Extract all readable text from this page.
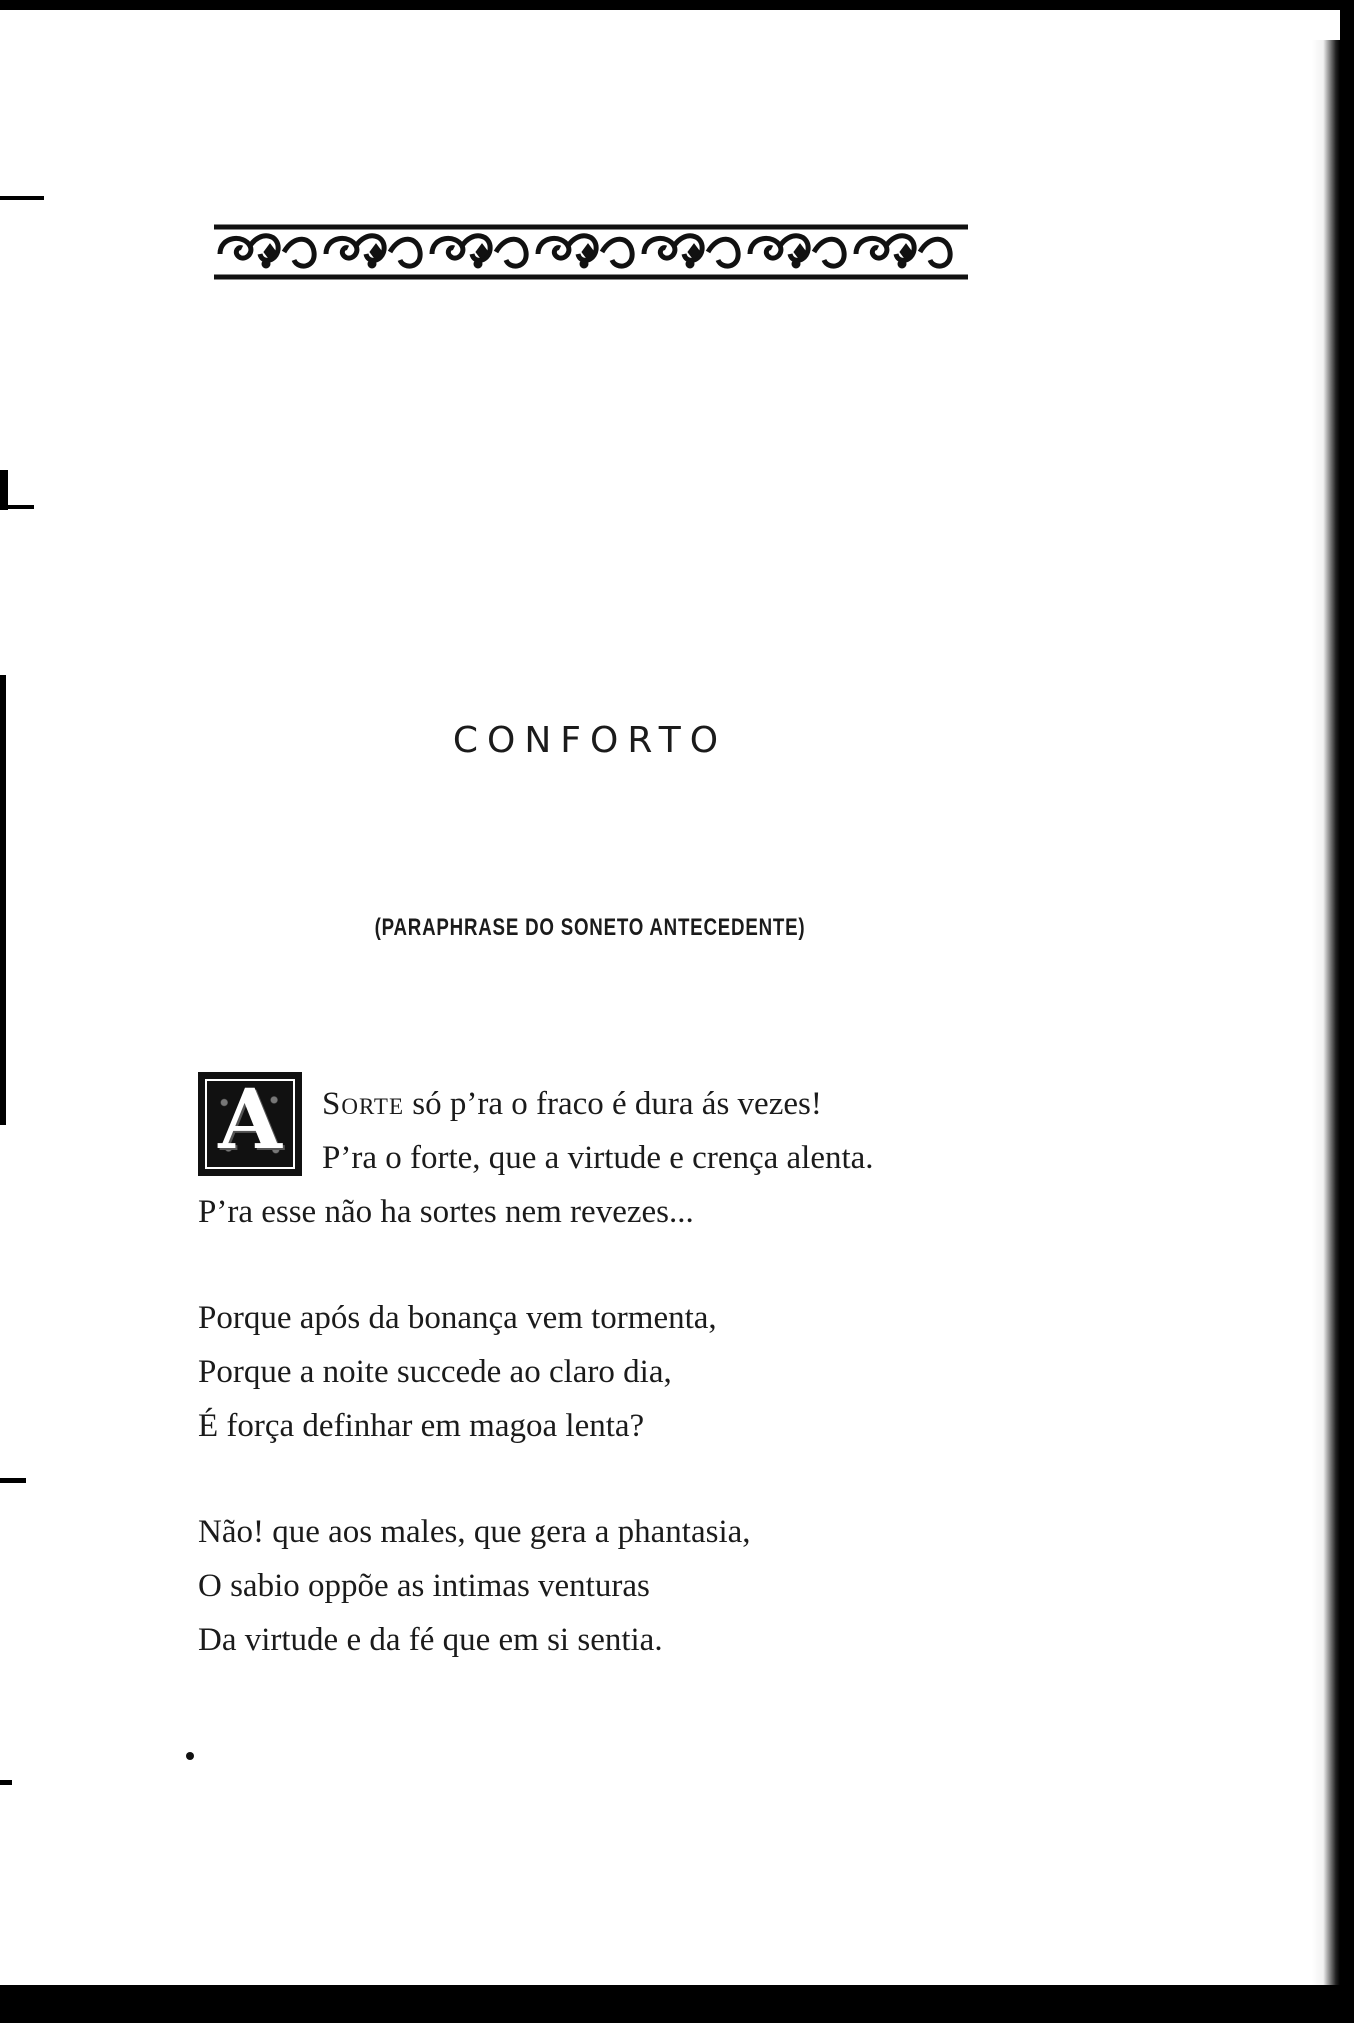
CONFORTO
(PARAPHRASE DO SONETO ANTECEDENTE)
A	Sorte só p’ra o fraco é dura ás vezes!
P’ra o forte, que a virtude e crença alenta.
P’ra esse não ha sortes nem revezes...
Porque após da bonança vem tormenta,
Porque a noite succede ao claro dia,
É força definhar em magoa lenta?
Não! que aos males, que gera a phantasia,
O sabio oppõe as intimas venturas
Da virtude e da fé que em si sentia.
